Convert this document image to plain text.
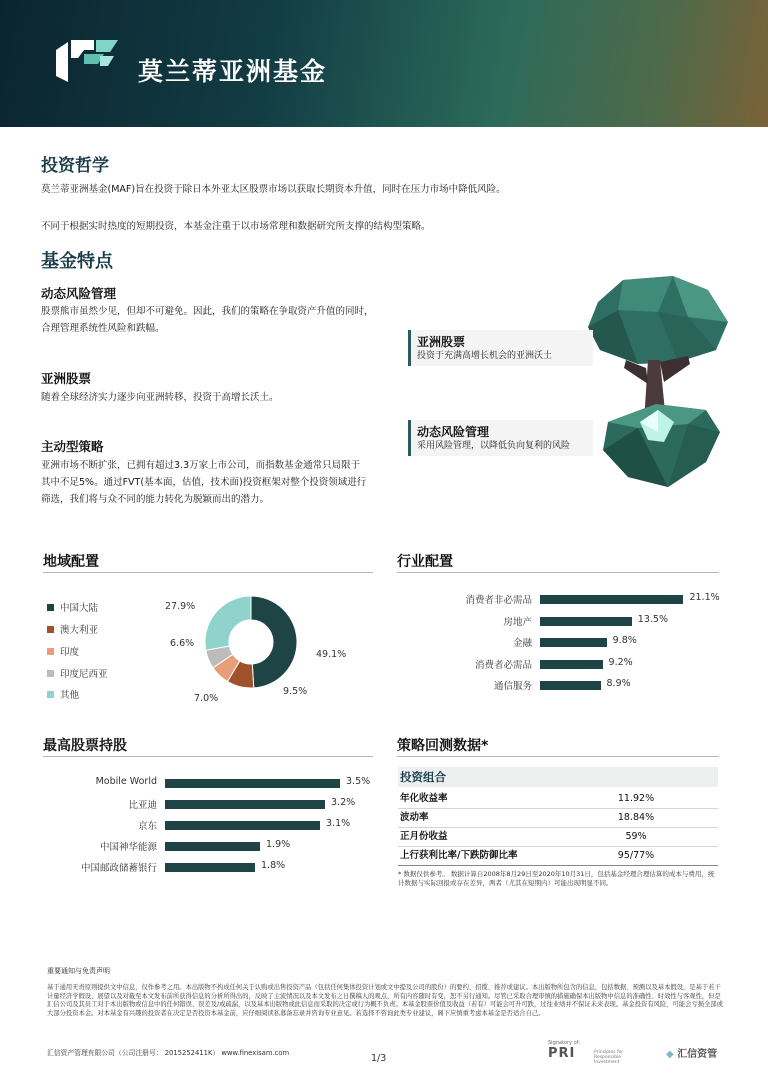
莫兰蒂亚洲基金
投资哲学
莫兰蒂亚洲基金(MAF)旨在投资于除日本外亚太区股票市场以获取长期资本升值，同时在压力市场中降低风险。
不同于根据实时热度的短期投资，本基金注重于以市场常理和数据研究所支撑的结构型策略。
基金特点
动态风险管理
股票熊市虽然少见，但却不可避免。因此，我们的策略在争取资产升值的同时，
合理管理系统性风险和跌幅。
亚洲股票
随着全球经济实力逐步向亚洲转移，投资于高增长沃土。
主动型策略
亚洲市场不断扩张，已拥有超过3.3万家上市公司，而指数基金通常只局限于
其中不足5%。通过FVT(基本面，估值，技术面)投资框架对整个投资领域进行
筛选，我们将与众不同的能力转化为脱颖而出的潜力。
亚洲股票
投资于充满高增长机会的亚洲沃土
动态风险管理
采用风险管理，以降低负向复利的风险
地域配置
中国大陆
澳大利亚
印度
印度尼西亚
其他
49.1%
9.5%
7.0%
6.6%
27.9%
行业配置
消费者非必需品	21.1%
房地产	13.5%
金融	9.8%
消费者必需品	9.2%
通信服务	8.9%
最高股票持股
Mobile World	3.5%
比亚迪	3.2%
京东	3.1%
中国神华能源	1.9%
中国邮政储蓄银行	1.8%
策略回测数据*
投资组合
年化收益率	11.92%
波动率	18.84%
正月份收益	59%
上行获利比率/下跌防御比率	95/77%
* 数据仅供参考。 数据计算自2008年8月29日至2020年10月31日，包括基金经理合理估算的成本与费用，统计数据与实际回报或存在差异，两者（尤其在短期内）可能出现明显不同。
重要通知与免责声明
基于通用无责原则提供文中信息，仅作参考之用。本出版物不构成任何关于认购或出售投资产品（包括任何集体投资计划或文中提及公司的股份）的要约、招揽、推荐或建议。本出版物所包含的信息，包括数据、预测以及基本假设，是基于若干计量经济学假设、展望以及对截至本文发布前所获得信息的分析所得出的，反映了主流情况以及本文发布之日撰稿人的观点，所有内容随时有变，恕不另行通知。尽管已采取合理审慎的措施确保本出版物中信息的准确性、时效性与客观性，但是汇信公司及其员工对于本出版物或信息中的任何错误、误差及/或疏漏，以及基本出版物或此信息而采取的决定或行为概不负责。本基金股票价值及收益（若有）可能会可升可跌，过往业绩并不保证未来表现。基金投资有风险，可能会亏损全部或大部分投资本金。对本基金有兴趣的投资者在决定是否投资本基金前，应仔细阅读私募备忘录并咨询专业意见。若选择不咨询此类专业建议，阁下应慎重考虑本基金是否适合自己。
汇信资产管理有限公司（公司注册号： 2015252411K） www.finexisam.com	1/3
Signatory of:
PRI	Principles for Responsible Investment
◆ 汇信资管
